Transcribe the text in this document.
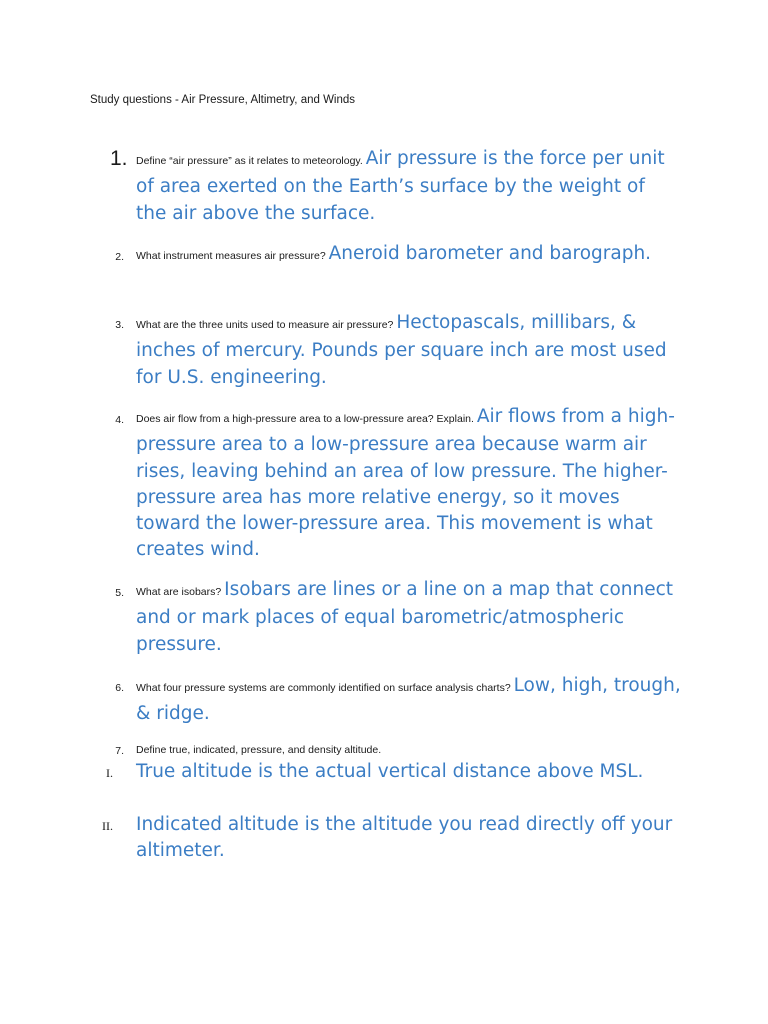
Study questions - Air Pressure, Altimetry, and Winds
1. Define “air pressure” as it relates to meteorology. Air pressure is the force per unit of area exerted on the Earth’s surface by the weight of the air above the surface.
2. What instrument measures air pressure? Aneroid barometer and barograph.
3. What are the three units used to measure air pressure? Hectopascals, millibars, & inches of mercury. Pounds per square inch are most used for U.S. engineering.
4. Does air flow from a high-pressure area to a low-pressure area? Explain. Air flows from a high-pressure area to a low-pressure area because warm air rises, leaving behind an area of low pressure. The higher-pressure area has more relative energy, so it moves toward the lower-pressure area. This movement is what creates wind.
5. What are isobars? Isobars are lines or a line on a map that connect and or mark places of equal barometric/atmospheric pressure.
6. What four pressure systems are commonly identified on surface analysis charts? Low, high, trough, & ridge.
7. Define true, indicated, pressure, and density altitude.
I. True altitude is the actual vertical distance above MSL.
II. Indicated altitude is the altitude you read directly off your altimeter.
